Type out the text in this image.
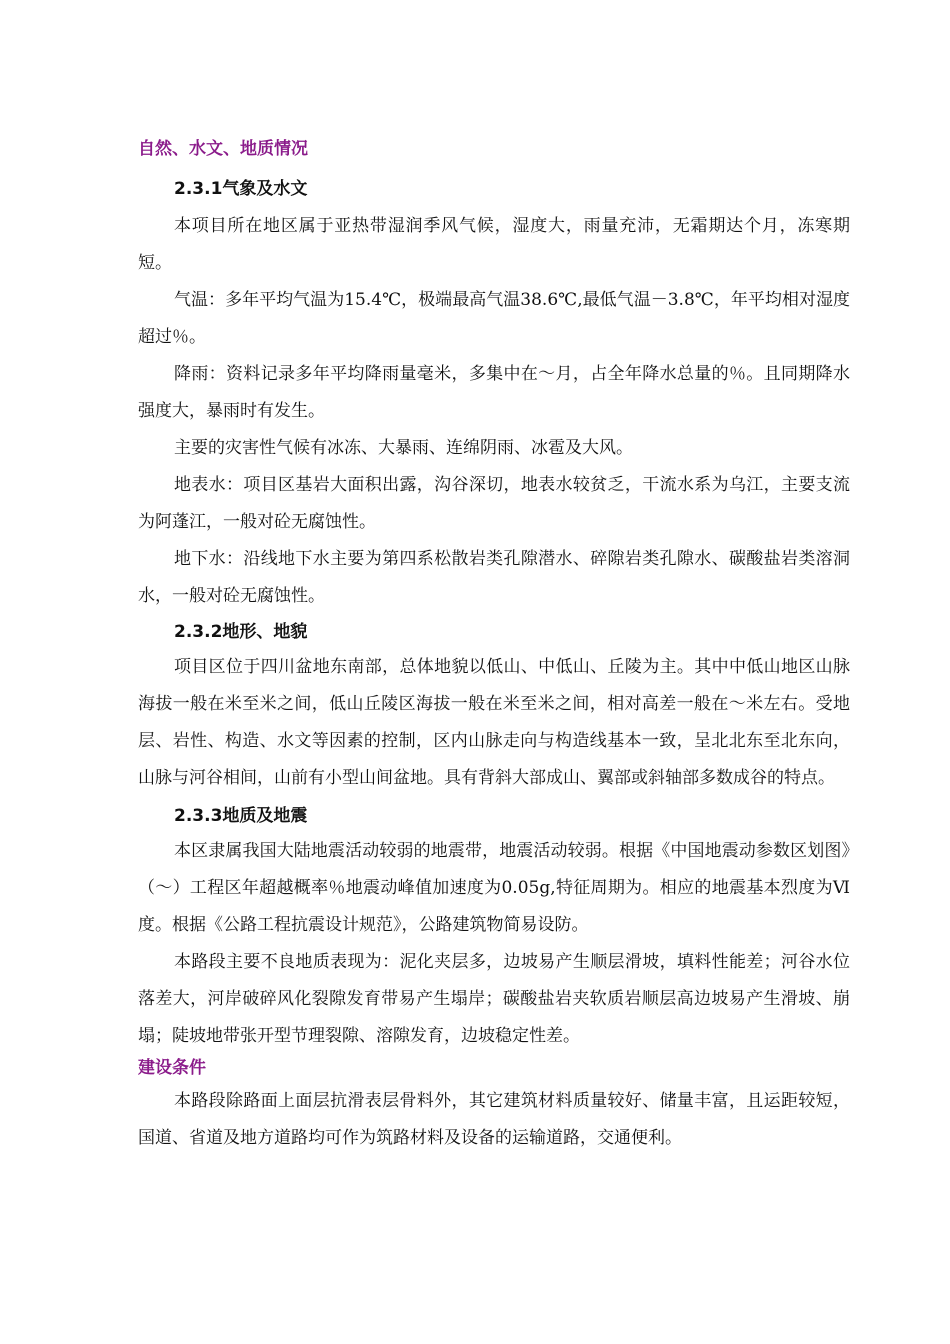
自然、水文、地质情况

2.3.1气象及水文

本项目所在地区属于亚热带湿润季风气候，湿度大，雨量充沛，无霜期达个月，冻寒期短。

气温：多年平均气温为15.4℃，极端最高气温38.6℃,最低气温－3.8℃，年平均相对湿度超过％。

降雨：资料记录多年平均降雨量毫米，多集中在～月，占全年降水总量的％。且同期降水强度大，暴雨时有发生。

主要的灾害性气候有冰冻、大暴雨、连绵阴雨、冰雹及大风。

地表水：项目区基岩大面积出露，沟谷深切，地表水较贫乏，干流水系为乌江，主要支流为阿蓬江，一般对砼无腐蚀性。

地下水：沿线地下水主要为第四系松散岩类孔隙潜水、碎隙岩类孔隙水、碳酸盐岩类溶洞水，一般对砼无腐蚀性。

2.3.2地形、地貌

项目区位于四川盆地东南部，总体地貌以低山、中低山、丘陵为主。其中中低山地区山脉海拔一般在米至米之间，低山丘陵区海拔一般在米至米之间，相对高差一般在～米左右。受地层、岩性、构造、水文等因素的控制，区内山脉走向与构造线基本一致，呈北北东至北东向，山脉与河谷相间，山前有小型山间盆地。具有背斜大部成山、翼部或斜轴部多数成谷的特点。

2.3.3地质及地震

本区隶属我国大陆地震活动较弱的地震带，地震活动较弱。根据《中国地震动参数区划图》（～）工程区年超越概率％地震动峰值加速度为0.05g,特征周期为。相应的地震基本烈度为Ⅵ度。根据《公路工程抗震设计规范》，公路建筑物简易设防。

本路段主要不良地质表现为：泥化夹层多，边坡易产生顺层滑坡，填料性能差；河谷水位落差大，河岸破碎风化裂隙发育带易产生塌岸；碳酸盐岩夹软质岩顺层高边坡易产生滑坡、崩塌；陡坡地带张开型节理裂隙、溶隙发育，边坡稳定性差。

建设条件

本路段除路面上面层抗滑表层骨料外，其它建筑材料质量较好、储量丰富，且运距较短，国道、省道及地方道路均可作为筑路材料及设备的运输道路，交通便利。
